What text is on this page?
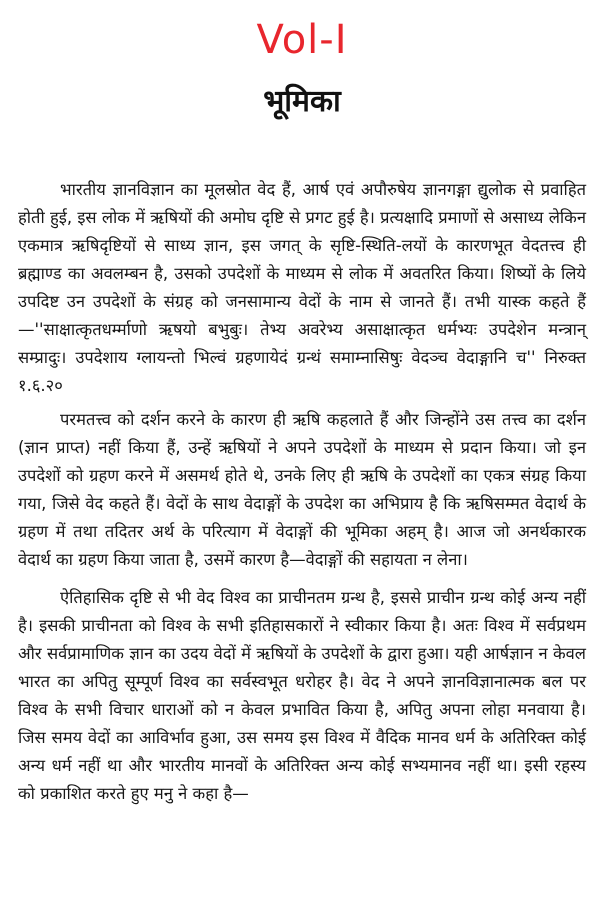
Vol-I
भूमिका

भारतीय ज्ञानविज्ञान का मूलस्रोत वेद हैं, आर्ष एवं अपौरुषेय ज्ञानगङ्गा द्युलोक से प्रवाहित होती हुई, इस लोक में ऋषियों की अमोघ दृष्टि से प्रगट हुई है। प्रत्यक्षादि प्रमाणों से असाध्य लेकिन एकमात्र ऋषिदृष्टियों से साध्य ज्ञान, इस जगत् के सृष्टि-स्थिति-लयों के कारणभूत वेदतत्त्व ही ब्रह्माण्ड का अवलम्बन है, उसको उपदेशों के माध्यम से लोक में अवतरित किया। शिष्यों के लिये उपदिष्ट उन उपदेशों के संग्रह को जनसामान्य वेदों के नाम से जानते हैं। तभी यास्क कहते हैं—''साक्षात्कृतधर्म्माणो ऋषयो बभुबुः। तेभ्य अवरेभ्य असाक्षात्कृत धर्मभ्यः उपदेशेन मन्त्रान् सम्प्रादुः। उपदेशाय ग्लायन्तो भिल्वं ग्रहणायेदं ग्रन्थं समाम्नासिषुः वेदञ्च वेदाङ्गानि च'' निरुक्त १.६.२०

परमतत्त्व को दर्शन करने के कारण ही ऋषि कहलाते हैं और जिन्होंने उस तत्त्व का दर्शन (ज्ञान प्राप्त) नहीं किया हैं, उन्हें ऋषियों ने अपने उपदेशों के माध्यम से प्रदान किया। जो इन उपदेशों को ग्रहण करने में असमर्थ होते थे, उनके लिए ही ऋषि के उपदेशों का एकत्र संग्रह किया गया, जिसे वेद कहते हैं। वेदों के साथ वेदाङ्गों के उपदेश का अभिप्राय है कि ऋषिसम्मत वेदार्थ के ग्रहण में तथा तदितर अर्थ के परित्याग में वेदाङ्गों की भूमिका अहम् है। आज जो अनर्थकारक वेदार्थ का ग्रहण किया जाता है, उसमें कारण है—वेदाङ्गों की सहायता न लेना।

ऐतिहासिक दृष्टि से भी वेद विश्व का प्राचीनतम ग्रन्थ है, इससे प्राचीन ग्रन्थ कोई अन्य नहीं है। इसकी प्राचीनता को विश्व के सभी इतिहासकारों ने स्वीकार किया है। अतः विश्व में सर्वप्रथम और सर्वप्रामाणिक ज्ञान का उदय वेदों में ऋषियों के उपदेशों के द्वारा हुआ। यही आर्षज्ञान न केवल भारत का अपितु सूम्पूर्ण विश्व का सर्वस्वभूत धरोहर है। वेद ने अपने ज्ञानविज्ञानात्मक बल पर विश्व के सभी विचार धाराओं को न केवल प्रभावित किया है, अपितु अपना लोहा मनवाया है। जिस समय वेदों का आविर्भाव हुआ, उस समय इस विश्व में वैदिक मानव धर्म के अतिरिक्त कोई अन्य धर्म नहीं था और भारतीय मानवों के अतिरिक्त अन्य कोई सभ्यमानव नहीं था। इसी रहस्य को प्रकाशित करते हुए मनु ने कहा है—
